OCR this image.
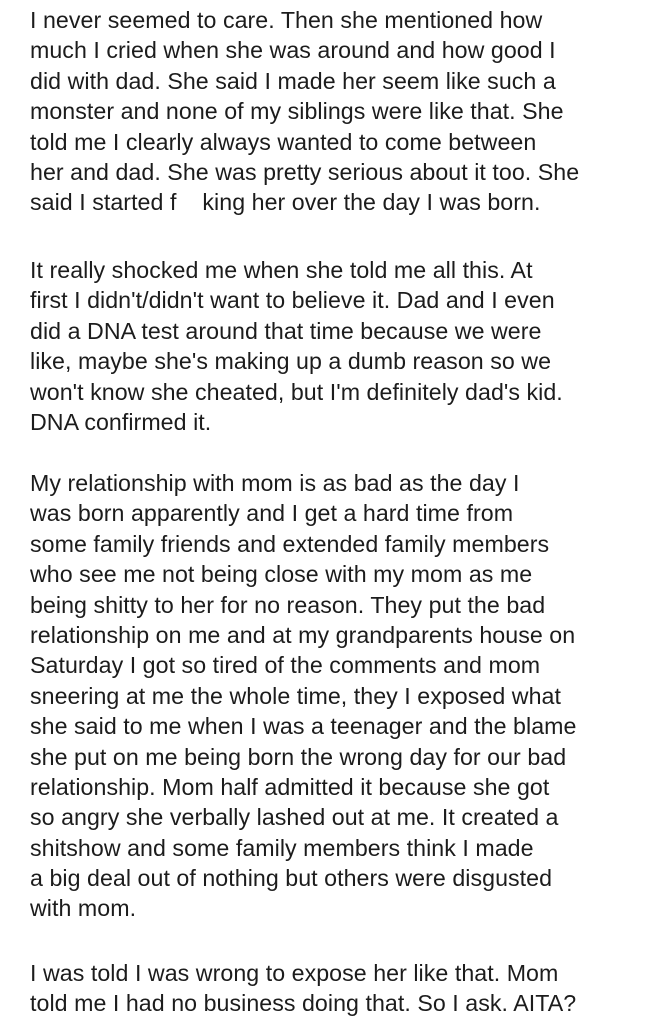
I never seemed to care. Then she mentioned how
much I cried when she was around and how good I
did with dad. She said I made her seem like such a
monster and none of my siblings were like that. She
told me I clearly always wanted to come between
her and dad. She was pretty serious about it too. She
said I started f    king her over the day I was born.
It really shocked me when she told me all this. At
first I didn't/didn't want to believe it. Dad and I even
did a DNA test around that time because we were
like, maybe she's making up a dumb reason so we
won't know she cheated, but I'm definitely dad's kid.
DNA confirmed it.
My relationship with mom is as bad as the day I
was born apparently and I get a hard time from
some family friends and extended family members
who see me not being close with my mom as me
being shitty to her for no reason. They put the bad
relationship on me and at my grandparents house on
Saturday I got so tired of the comments and mom
sneering at me the whole time, they I exposed what
she said to me when I was a teenager and the blame
she put on me being born the wrong day for our bad
relationship. Mom half admitted it because she got
so angry she verbally lashed out at me. It created a
shitshow and some family members think I made
a big deal out of nothing but others were disgusted
with mom.
I was told I was wrong to expose her like that. Mom
told me I had no business doing that. So I ask. AITA?
